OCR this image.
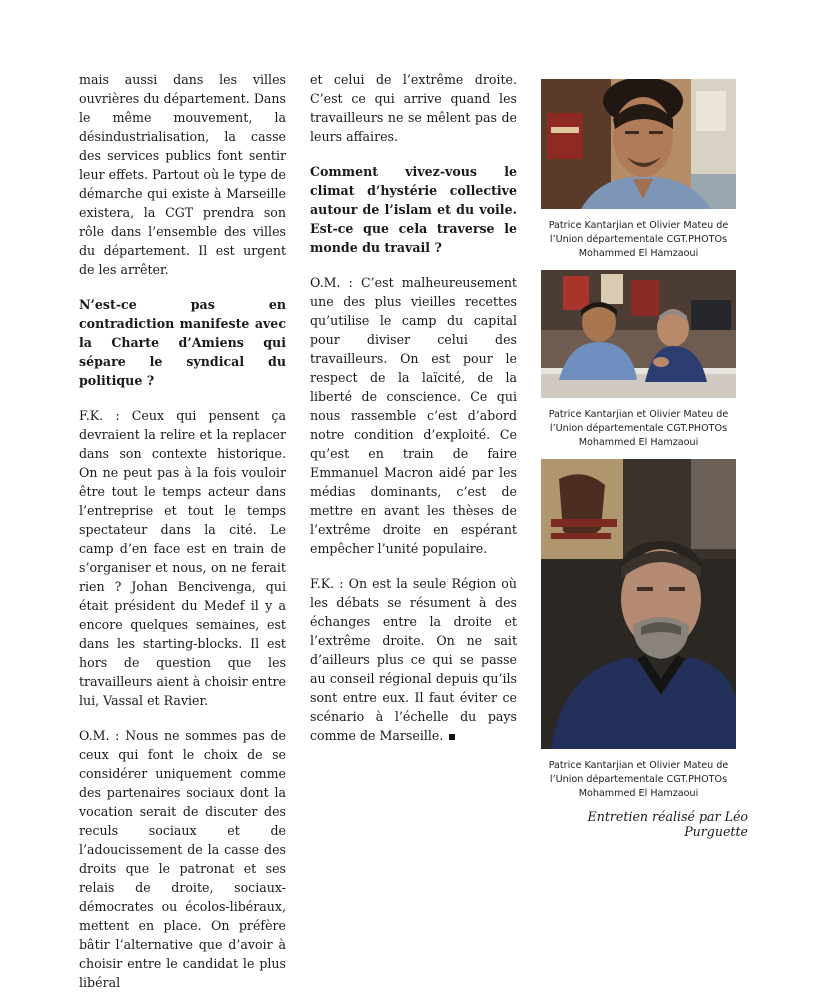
mais aussi dans les villes ouvrières du département. Dans le même mouvement, la désindustrialisation, la casse des services publics font sentir leur effets. Partout où le type de démarche qui existe à Marseille existera, la CGT prendra son rôle dans l’ensemble des villes du département. Il est urgent de les arrêter.

N’est-ce pas en contradiction manifeste avec la Charte d’Amiens qui sépare le syndical du politique ?

F.K. : Ceux qui pensent ça devraient la relire et la replacer dans son contexte historique. On ne peut pas à la fois vouloir être tout le temps acteur dans l’entreprise et tout le temps spectateur dans la cité. Le camp d’en face est en train de s’organiser et nous, on ne ferait rien ? Johan Bencivenga, qui était président du Medef il y a encore quelques semaines, est dans les starting-blocks. Il est hors de question que les travailleurs aient à choisir entre lui, Vassal et Ravier.

O.M. : Nous ne sommes pas de ceux qui font le choix de se considérer uniquement comme des partenaires sociaux dont la vocation serait de discuter des reculs sociaux et de l’adoucissement de la casse des droits que le patronat et ses relais de droite, sociaux-démocrates ou écolos-libéraux, mettent en place. On préfère bâtir l’alternative que d’avoir à choisir entre le candidat le plus libéral

et celui de l’extrême droite. C’est ce qui arrive quand les travailleurs ne se mêlent pas de leurs affaires.

Comment vivez-vous le climat d’hystérie collective autour de l’islam et du voile. Est-ce que cela traverse le monde du travail ?

O.M. : C’est malheureusement une des plus vieilles recettes qu’utilise le camp du capital pour diviser celui des travailleurs. On est pour le respect de la laïcité, de la liberté de conscience. Ce qui nous rassemble c’est d’abord notre condition d’exploité. Ce qu’est en train de faire Emmanuel Macron aidé par les médias dominants, c’est de mettre en avant les thèses de l’extrême droite en espérant empêcher l’unité populaire.

F.K. : On est la seule Région où les débats se résument à des échanges entre la droite et l’extrême droite. On ne sait d’ailleurs plus ce qui se passe au conseil régional depuis qu’ils sont entre eux. Il faut éviter ce scénario à l’échelle du pays comme de Marseille.

Patrice Kantarjian et Olivier Mateu de l’Union départementale CGT.PHOTOs Mohammed El Hamzaoui
Patrice Kantarjian et Olivier Mateu de l’Union départementale CGT.PHOTOs Mohammed El Hamzaoui
Patrice Kantarjian et Olivier Mateu de l’Union départementale CGT.PHOTOs Mohammed El Hamzaoui
Entretien réalisé par Léo Purguette
